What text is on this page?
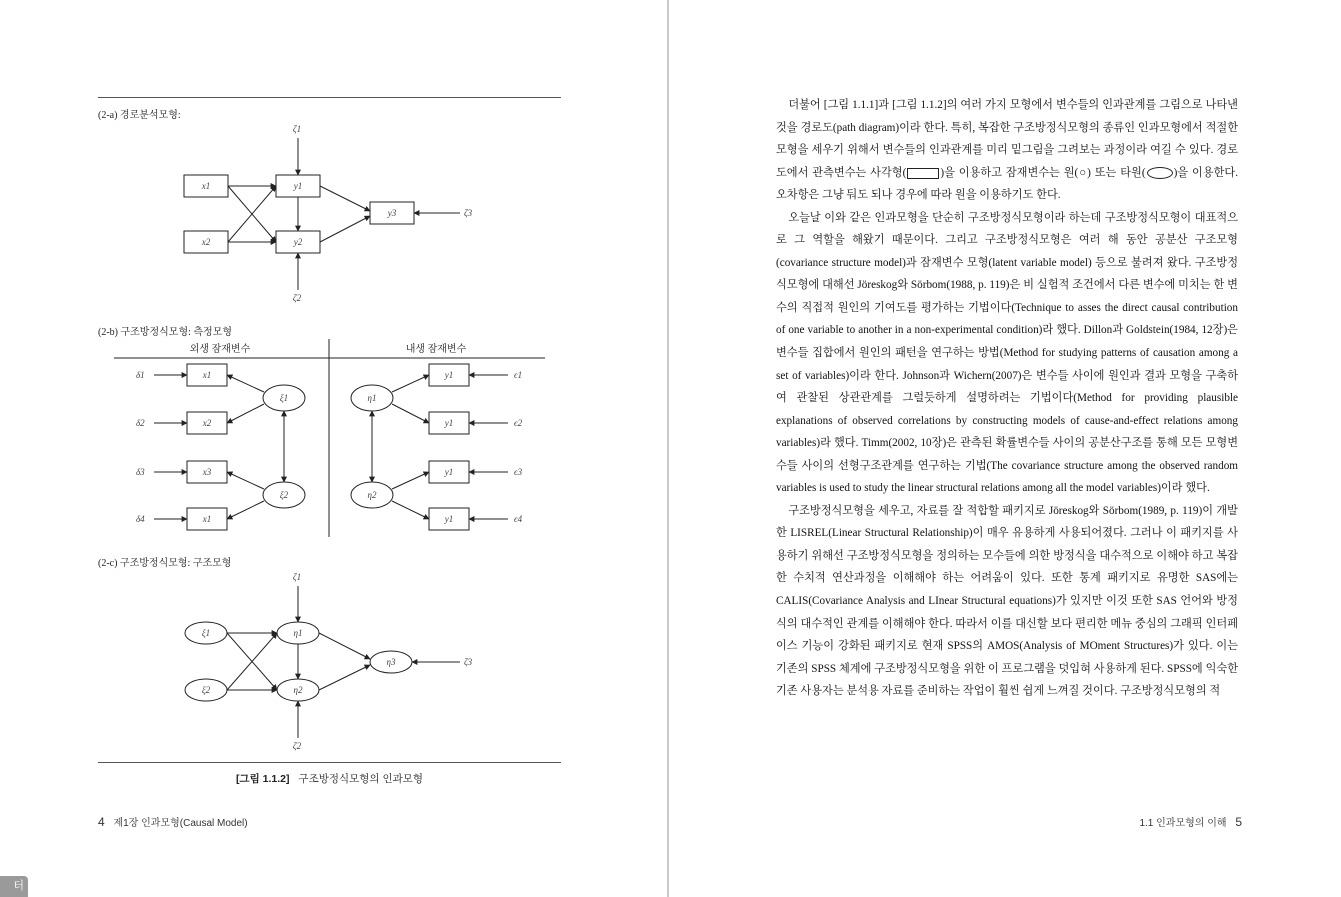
(2-a) 경로분석모형:
ζ1
ζ2
ζ3
x1
x2
y1
y2
y3
(2-b) 구조방정식모형: 측정모형
외생 잠재변수	내생 잠재변수
δ1
δ2
δ3
δ4
x1
x2
x3
x1
ξ1
ξ2
η1
η2
y1
y1
y1
y1
ϵ1
ϵ2
ϵ3
ϵ4
(2-c) 구조방정식모형: 구조모형
ζ1
ζ2
ζ3
ξ1
ξ2
η1
η2
η3
[그림 1.1.2] 구조방정식모형의 인과모형
4 제1장 인과모형(Causal Model)

더불어 [그림 1.1.1]과 [그림 1.1.2]의 여러 가지 모형에서 변수들의 인과관계를 그림으로 나타낸 것을 경로도(path diagram)이라 한다. 특히, 복잡한 구조방정식모형의 종류인 인과모형에서 적절한 모형을 세우기 위해서 변수들의 인과관계를 미리 밑그림을 그려보는 과정이라 여길 수 있다. 경로도에서 관측변수는 사각형(	)을 이용하고 잠재변수는 원(○) 또는 타원(	)을 이용한다. 오차항은 그냥 둬도 되나 경우에 따라 원을 이용하기도 한다.

오늘날 이와 같은 인과모형을 단순히 구조방정식모형이라 하는데 구조방정식모형이 대표적으로 그 역할을 해왔기 때문이다. 그리고 구조방정식모형은 여러 해 동안 공분산 구조모형(covariance structure model)과 잠재변수 모형(latent variable model) 등으로 불려져 왔다. 구조방정식모형에 대해선 Jöreskog와 Sörbom(1988, p. 119)은 비 실험적 조건에서 다른 변수에 미치는 한 변수의 직접적 원인의 기여도를 평가하는 기법이다(Technique to asses the direct causal contribution of one variable to another in a non-experimental condition)라 했다. Dillon과 Goldstein(1984, 12장)은 변수들 집합에서 원인의 패턴을 연구하는 방법(Method for studying patterns of causation among a set of variables)이라 한다. Johnson과 Wichern(2007)은 변수들 사이에 원인과 결과 모형을 구축하여 관찰된 상관관계를 그럴듯하게 설명하려는 기법이다(Method for providing plausible explanations of observed correlations by constructing models of cause-and-effect relations among variables)라 했다. Timm(2002, 10장)은 관측된 확률변수들 사이의 공분산구조를 통해 모든 모형변수들 사이의 선형구조관계를 연구하는 기법(The covariance structure among the observed random variables is used to study the linear structural relations among all the model variables)이라 했다.

구조방정식모형을 세우고, 자료를 잘 적합할 패키지로 Jöreskog와 Sörbom(1989, p. 119)이 개발한 LISREL(Linear Structural Relationship)이 매우 유용하게 사용되어졌다. 그러나 이 패키지를 사용하기 위해선 구조방정식모형을 정의하는 모수들에 의한 방정식을 대수적으로 이해야 하고 복잡한 수치적 연산과정을 이해해야 하는 어려움이 있다. 또한 통계 패키지로 유명한 SAS에는 CALIS(Covariance Analysis and LInear Structural equations)가 있지만 이것 또한 SAS 언어와 방정식의 대수적인 관계를 이해해야 한다. 따라서 이를 대신할 보다 편리한 메뉴 중심의 그래픽 인터페이스 기능이 강화된 패키지로 현재 SPSS의 AMOS(Analysis of MOment Structures)가 있다. 이는 기존의 SPSS 체계에 구조방정식모형을 위한 이 프로그램을 덧입혀 사용하게 된다. SPSS에 익숙한 기존 사용자는 분석용 자료를 준비하는 작업이 훨씬 쉽게 느껴질 것이다. 구조방정식모형의 적

1.1 인과모형의 이해 5
터
